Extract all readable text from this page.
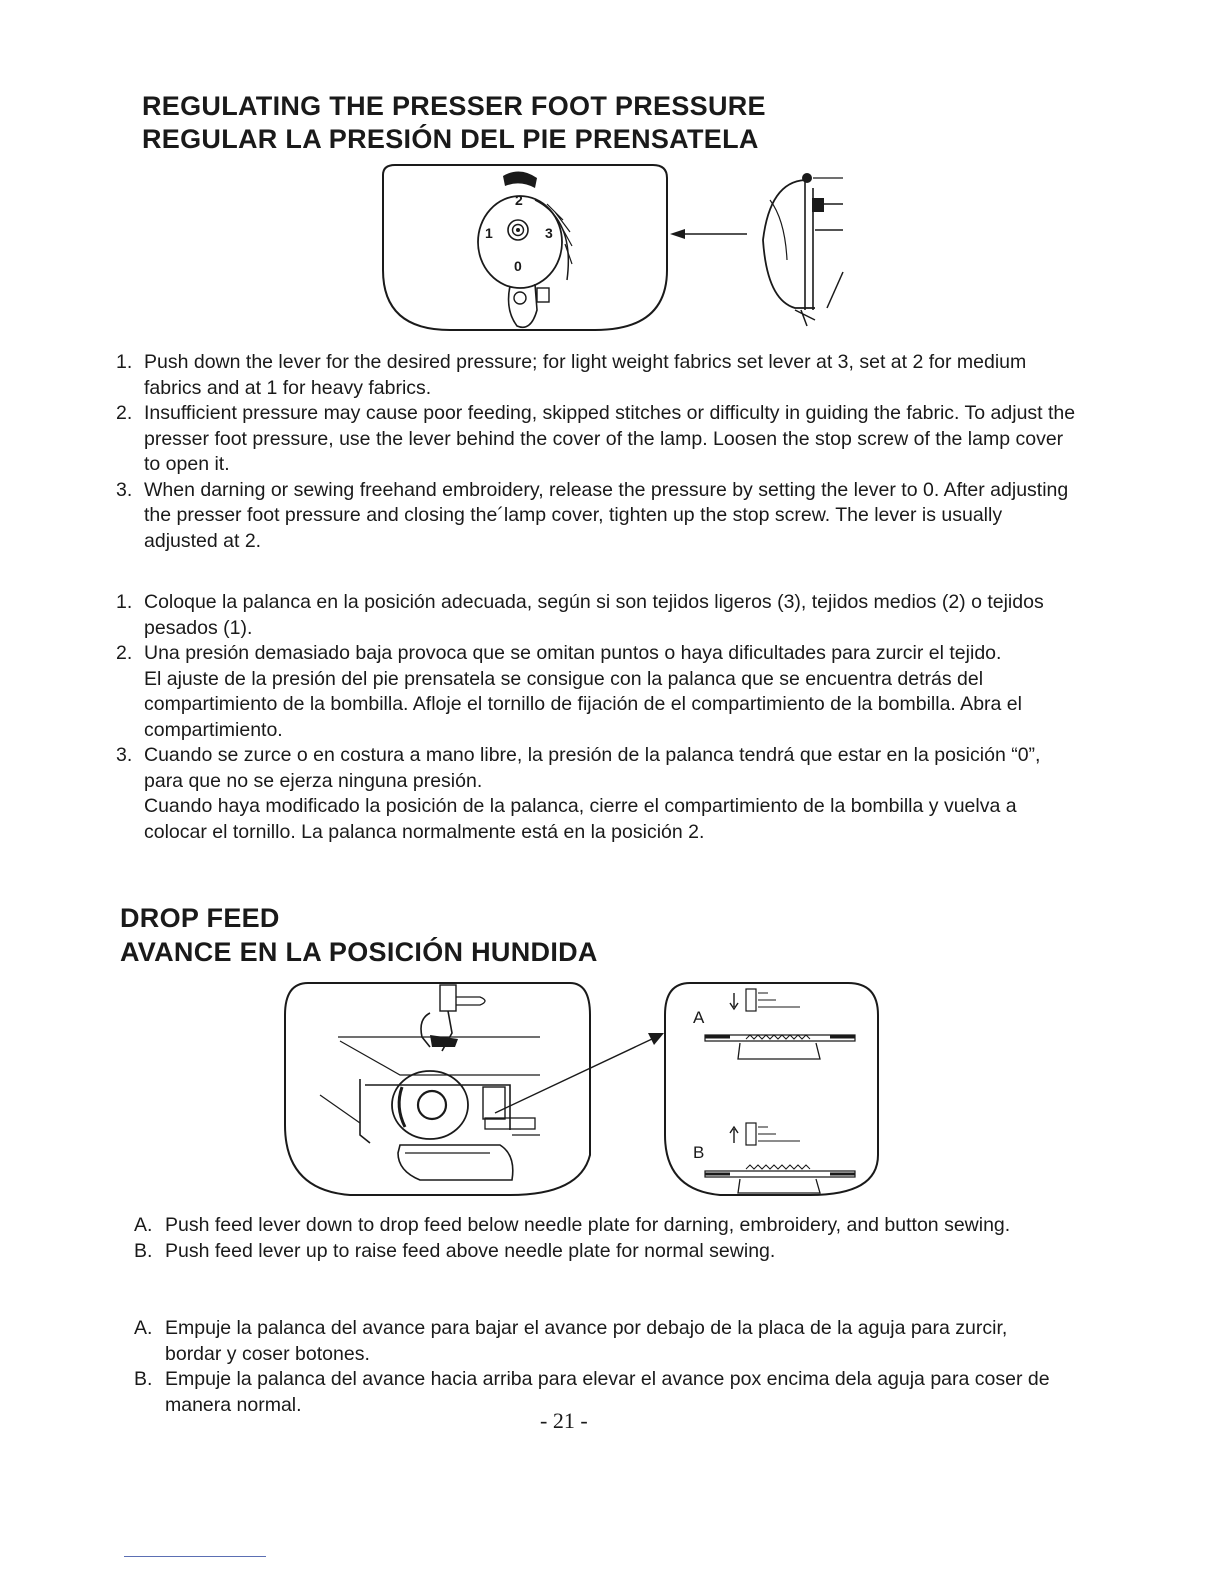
REGULATING THE PRESSER FOOT PRESSURE
REGULAR LA PRESIÓN DEL PIE PRENSATELA
2
1	3
0
1. Push down the lever for the desired pressure; for light weight fabrics set lever at 3, set at 2 for medium fabrics and at 1 for heavy fabrics.

2. Insufficient pressure may cause poor feeding, skipped stitches or difficulty in guiding the fabric. To adjust the presser foot pressure, use the lever behind the cover of the lamp. Loosen the stop screw of the lamp cover to open it.

3. When darning or sewing freehand embroidery, release the pressure by setting the lever to 0. After adjusting the presser foot pressure and closing the´lamp cover, tighten up the stop screw. The lever is usually adjusted at 2.

1. Coloque la palanca en la posición adecuada, según si son tejidos ligeros (3), tejidos medios (2) o tejidos pesados (1).

2. Una presión demasiado baja provoca que se omitan puntos o haya dificultades para zurcir el tejido.

El ajuste de la presión del pie prensatela se consigue con la palanca que se encuentra detrás del compartimiento de la bombilla. Afloje el tornillo de fijación de el compartimiento de la bombilla. Abra el compartimiento.

3. Cuando se zurce o en costura a mano libre, la presión de la palanca tendrá que estar en la posición “0”, para que no se ejerza ninguna presión.

Cuando haya modificado la posición de la palanca, cierre el compartimiento de la bombilla y vuelva a colocar el tornillo. La palanca normalmente está en la posición 2.

DROP FEED
AVANCE EN LA POSICIÓN HUNDIDA
A
B
A. Push feed lever down to drop feed below needle plate for darning, embroidery, and button sewing.

B. Push feed lever up to raise feed above needle plate for normal sewing.

A. Empuje la palanca del avance para bajar el avance por debajo de la placa de la aguja para zurcir, bordar y coser botones.

B. Empuje la palanca del avance hacia arriba para elevar el avance pox encima dela aguja para coser de manera normal.

- 21 -
